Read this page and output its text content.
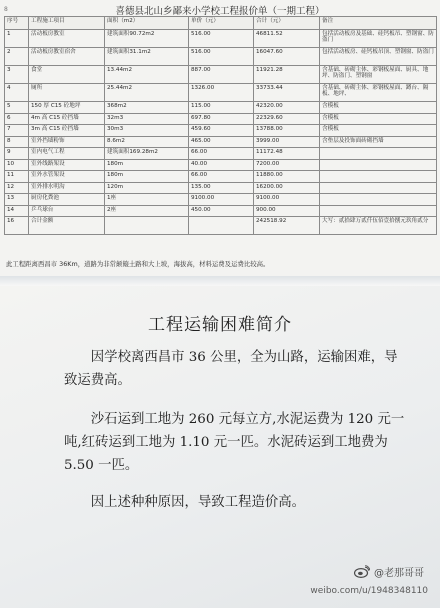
8	喜德县北山乡鄙来小学校工程报价单（一期工程）
序号	工程施工项目	面积（m2）	单价（元）	合计（元）	备注
1	活动板房教室	建筑面积90.72m2	516.00	46811.52	包括活动板房及基础、硅钙板吊、塑钢窗、防盗门
2	活动板房教室宿舍	建筑面积31.1m2	516.00	16047.60	包括活动板房、硅钙板吊顶、塑钢窗、防盗门
3	食堂	13.44m2	887.00	11921.28	含基础、砖砌主体、彩钢板屋面、厨具、地坪、防盗门、塑钢窗
4	厕所	25.44m2	1326.00	33733.44	含基础、砖砌主体、彩钢板屋面、蹲台、隔板、地坪、
5	150 厚 C15 砼地坪	368m2	115.00	42320.00	含模板
6	4m 高 C15 砼挡墙	32m3	697.80	22329.60	含模板
7	3m 高 C15 砼挡墙	30m3	459.60	13788.00	含模板
8	室外挡墙粉饰	8.6m2	465.00	3999.00	含垫层及投饰面砖砌挡墙
9	室内电气工程	建筑面积169.28m2	66.00	11172.48	
10	室外线路架设	180m	40.00	7200.00	
11	室外水管架设	180m	66.00	11880.00	
12	室外排水明沟	120m	135.00	16200.00	
13	厨房化粪池	1座	9100.00	9100.00	
14	乒乓球台	2座	450.00	900.00	
16	合计金额			242518.92	大写：贰拾肆万贰仟伍佰壹拾捌元玖角贰分
此工程距离西昌市 36Km，道路为非常颠簸土路和大上坡，海拔高，材料运费及运费比较高。
工程运输困难简介

因学校离西昌市 36 公里，全为山路，运输困难，导致运费高。

沙石运到工地为 260 元每立方,水泥运费为 120 元一吨,红砖运到工地为 1.10 元一匹。水泥砖运到工地费为 5.50 一匹。

因上述种种原因，导致工程造价高。

@老那哥哥
weibo.com/u/1948348110
